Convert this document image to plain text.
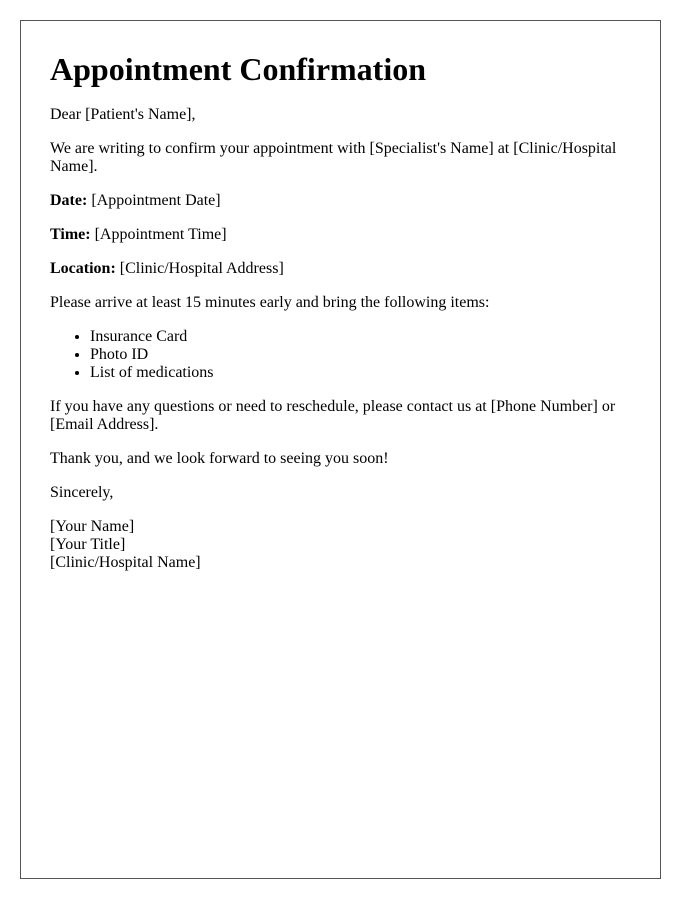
Appointment Confirmation

Dear [Patient's Name],

We are writing to confirm your appointment with [Specialist's Name] at [Clinic/Hospital Name].

Date: [Appointment Date]

Time: [Appointment Time]

Location: [Clinic/Hospital Address]

Please arrive at least 15 minutes early and bring the following items:

• Insurance Card
• Photo ID
• List of medications

If you have any questions or need to reschedule, please contact us at [Phone Number] or [Email Address].

Thank you, and we look forward to seeing you soon!

Sincerely,

[Your Name]
[Your Title]
[Clinic/Hospital Name]
